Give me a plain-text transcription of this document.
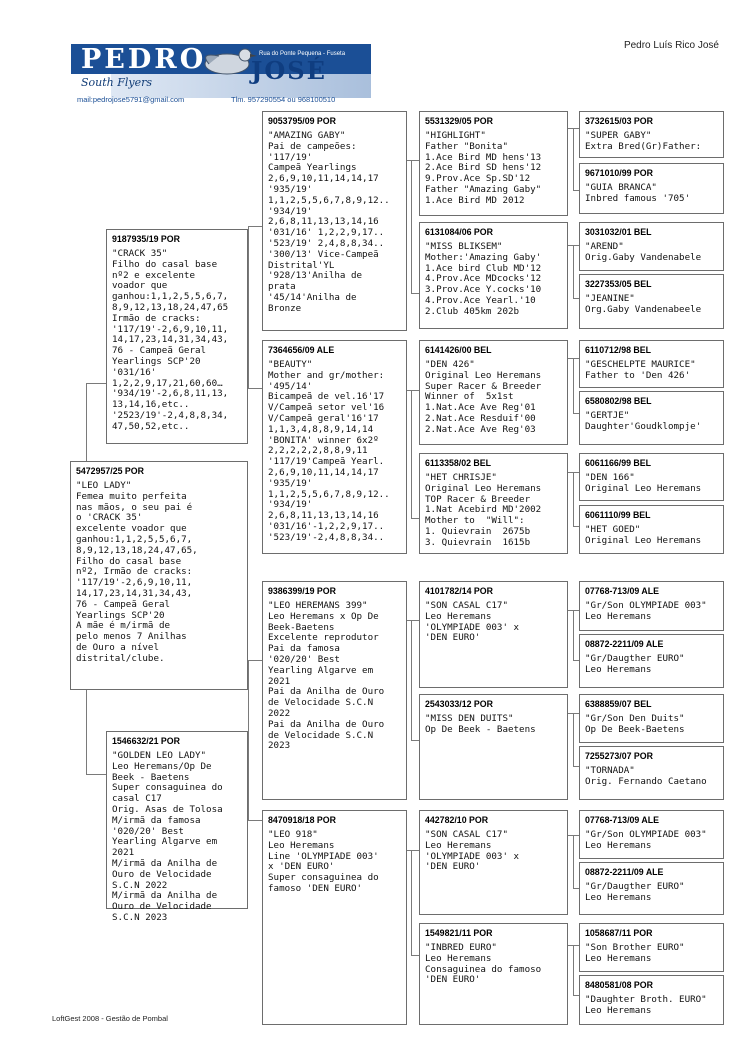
PEDRO	Rua do Ponte Pequena - Fuseta
JOSÉ
South Flyers
mail:pedrojose5791@gmail.com	Tlm. 957290554 ou 968100510
Pedro Luís Rico José
5472957/25 POR
"LEO LADY"
Femea muito perfeita
nas mãos, o seu pai é
o 'CRACK 35'
excelente voador que
ganhou:1,1,2,5,5,6,7,
8,9,12,13,18,24,47,65,
Filho do casal base
nº2, Irmão de cracks:
'117/19'-2,6,9,10,11,
14,17,23,14,31,34,43,
76 - Campeã Geral
Yearlings SCP'20
A mãe é m/irmã de
pelo menos 7 Anilhas
de Ouro a nível
distrital/clube.
9187935/19 POR
"CRACK 35"
Filho do casal base
nº2 e excelente
voador que
ganhou:1,1,2,5,5,6,7,
8,9,12,13,18,24,47,65
Irmão de cracks:
'117/19'-2,6,9,10,11,
14,17,23,14,31,34,43,
76 - Campeã Geral
Yearlings SCP'20
'031/16'
1,2,2,9,17,21,60,60…
'934/19'-2,6,8,11,13,
13,14,16,etc..
'2523/19'-2,4,8,8,34,
47,50,52,etc..
1546632/21 POR
"GOLDEN LEO LADY"
Leo Heremans/Op De
Beek - Baetens
Super consaguinea do
casal C17
Orig. Asas de Tolosa
M/irmã da famosa
'020/20' Best
Yearling Algarve em
2021
M/irmã da Anilha de
Ouro de Velocidade
S.C.N 2022
M/irmã da Anilha de
Ouro de Velocidade
S.C.N 2023
9053795/09 POR
"AMAZING GABY"
Pai de campeões:
'117/19'
Campeã Yearlings
2,6,9,10,11,14,14,17
'935/19'
1,1,2,5,5,6,7,8,9,12..
'934/19'
2,6,8,11,13,13,14,16
'031/16' 1,2,2,9,17..
'523/19' 2,4,8,8,34..
'300/13' Vice-Campeã
Distrital'YL
'928/13'Anilha de
prata
'45/14'Anilha de
Bronze
7364656/09 ALE
"BEAUTY"
Mother and gr/mother:
'495/14'
Bicampeã de vel.16'17
V/Campeã setor vel'16
V/Campeã geral'16'17
1,1,3,4,8,8,9,14,14
'BONITA' winner 6x2º
2,2,2,2,2,8,8,9,11
'117/19'Campeã Yearl.
2,6,9,10,11,14,14,17
'935/19'
1,1,2,5,5,6,7,8,9,12..
'934/19'
2,6,8,11,13,13,14,16
'031/16'-1,2,2,9,17..
'523/19'-2,4,8,8,34..
9386399/19 POR
"LEO HEREMANS 399"
Leo Heremans x Op De
Beek-Baetens
Excelente reprodutor
Pai da famosa
'020/20' Best
Yearling Algarve em
2021
Pai da Anilha de Ouro
de Velocidade S.C.N
2022
Pai da Anilha de Ouro
de Velocidade S.C.N
2023
8470918/18 POR
"LEO 918"
Leo Heremans
Line 'OLYMPIADE 003'
x 'DEN EURO'
Super consaguinea do
famoso 'DEN EURO'
5531329/05 POR
"HIGHLIGHT"
Father "Bonita"
1.Ace Bird MD hens'13
2.Ace Bird SD hens'12
9.Prov.Ace Sp.SD'12
Father "Amazing Gaby"
1.Ace Bird MD 2012
6131084/06 POR
"MISS BLIKSEM"
Mother:'Amazing Gaby'
1.Ace bird Club MD'12
4.Prov.Ace MDcocks'12
3.Prov.Ace Y.cocks'10
4.Prov.Ace Yearl.'10
2.Club 405km 202b
6141426/00 BEL
"DEN 426"
Original Leo Heremans
Super Racer & Breeder
Winner of  5x1st
1.Nat.Ace Ave Reg'01
2.Nat.Ace Resduif'00
2.Nat.Ace Ave Reg'03
6113358/02 BEL
"HET CHRISJE"
Original Leo Heremans
TOP Racer & Breeder
1.Nat Acebird MD'2002
Mother to  "Will":
1. Quievrain  2675b
3. Quievrain  1615b
4101782/14 POR
"SON CASAL C17"
Leo Heremans
'OLYMPIADE 003' x
'DEN EURO'
2543033/12 POR
"MISS DEN DUITS"
Op De Beek - Baetens
442782/10 POR
"SON CASAL C17"
Leo Heremans
'OLYMPIADE 003' x
'DEN EURO'
1549821/11 POR
"INBRED EURO"
Leo Heremans
Consaguinea do famoso
'DEN EURO'
3732615/03 POR
"SUPER GABY"
Extra Bred(Gr)Father:
9671010/99 POR
"GUIA BRANCA"
Inbred famous '705'
3031032/01 BEL
"AREND"
Orig.Gaby Vandenabele
3227353/05 BEL
"JEANINE"
Org.Gaby Vandenabeele
6110712/98 BEL
"GESCHELPTE MAURICE"
Father to 'Den 426'
6580802/98 BEL
"GERTJE"
Daughter'Goudklompje'
6061166/99 BEL
"DEN 166"
Original Leo Heremans
6061110/99 BEL
"HET GOED"
Original Leo Heremans
07768-713/09 ALE
"Gr/Son OLYMPIADE 003"
Leo Heremans
08872-2211/09 ALE
"Gr/Daugther EURO"
Leo Heremans
6388859/07 BEL
"Gr/Son Den Duits"
Op De Beek-Baetens
7255273/07 POR
"TORNADA"
Orig. Fernando Caetano
07768-713/09 ALE
"Gr/Son OLYMPIADE 003"
Leo Heremans
08872-2211/09 ALE
"Gr/Daugther EURO"
Leo Heremans
1058687/11 POR
"Son Brother EURO"
Leo Heremans
8480581/08 POR
"Daughter Broth. EURO"
Leo Heremans
LoftGest 2008 - Gestão de Pombal
